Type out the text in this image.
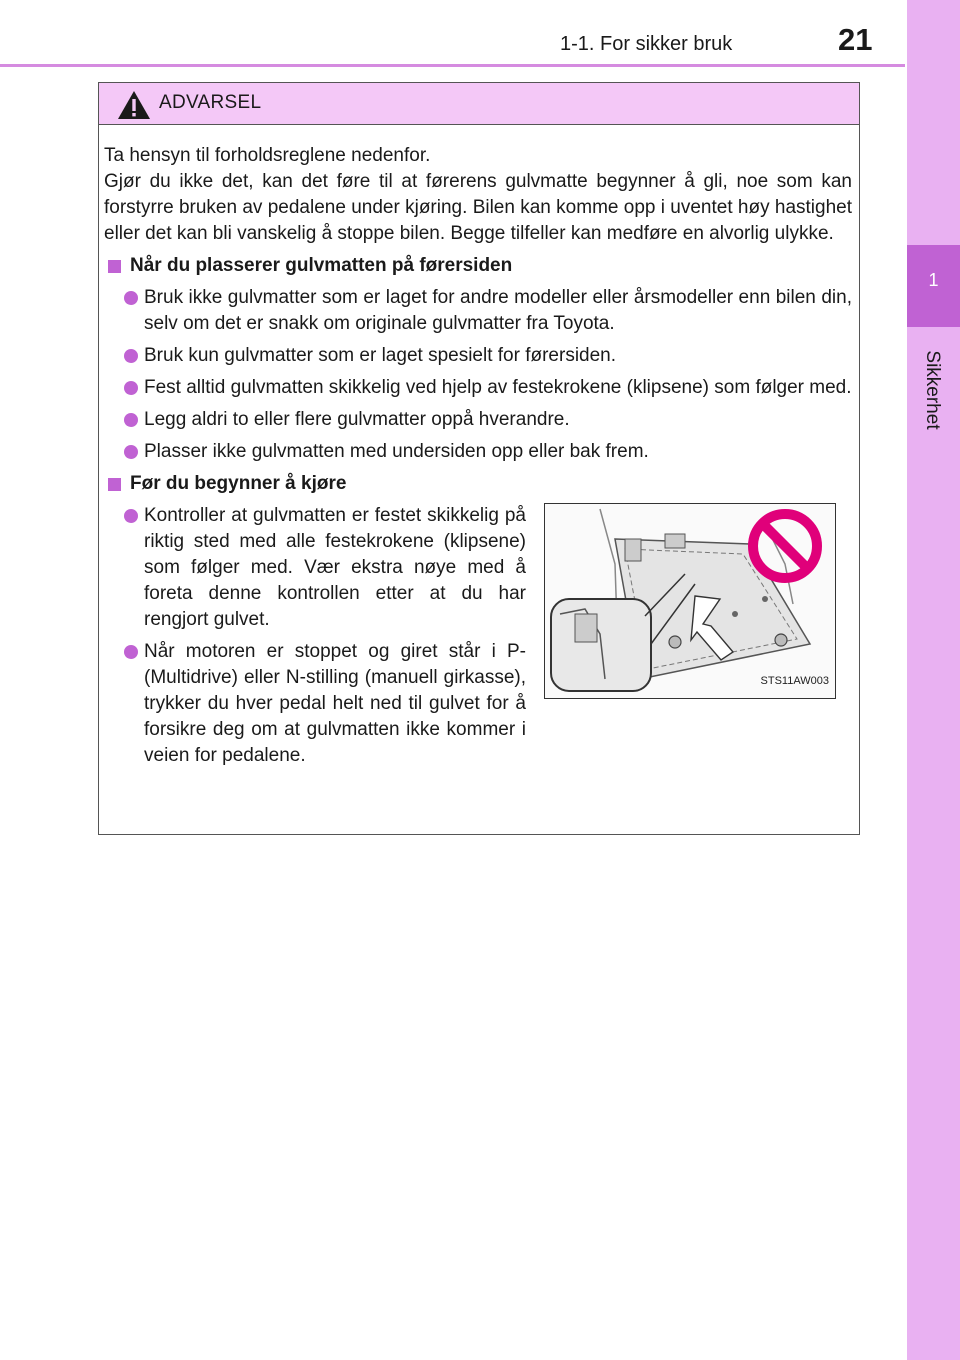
1-1. For sikker bruk	21
1
Sikkerhet
ADVARSEL

Ta hensyn til forholdsreglene nedenfor.

Gjør du ikke det, kan det føre til at førerens gulvmatte begynner å gli, noe som kan forstyrre bruken av pedalene under kjøring. Bilen kan komme opp i uventet høy hastighet eller det kan bli vanskelig å stoppe bilen. Begge tilfeller kan medføre en alvorlig ulykke.

Når du plasserer gulvmatten på førersiden

Bruk ikke gulvmatter som er laget for andre modeller eller årsmodeller enn bilen din, selv om det er snakk om originale gulvmatter fra Toyota.

Bruk kun gulvmatter som er laget spesielt for førersiden.

Fest alltid gulvmatten skikkelig ved hjelp av festekrokene (klipsene) som følger med.

Legg aldri to eller flere gulvmatter oppå hverandre.

Plasser ikke gulvmatten med undersiden opp eller bak frem.

Før du begynner å kjøre

Kontroller at gulvmatten er festet skikkelig på riktig sted med alle festekrokene (klipsene) som følger med. Vær ekstra nøye med å foreta denne kontrollen etter at du har rengjort gulvet.

Når motoren er stoppet og giret står i P- (Multidrive) eller N-stilling (manuell girkasse), trykker du hver pedal helt ned til gulvet for å forsikre deg om at gulvmatten ikke kommer i veien for pedalene.

STS11AW003
